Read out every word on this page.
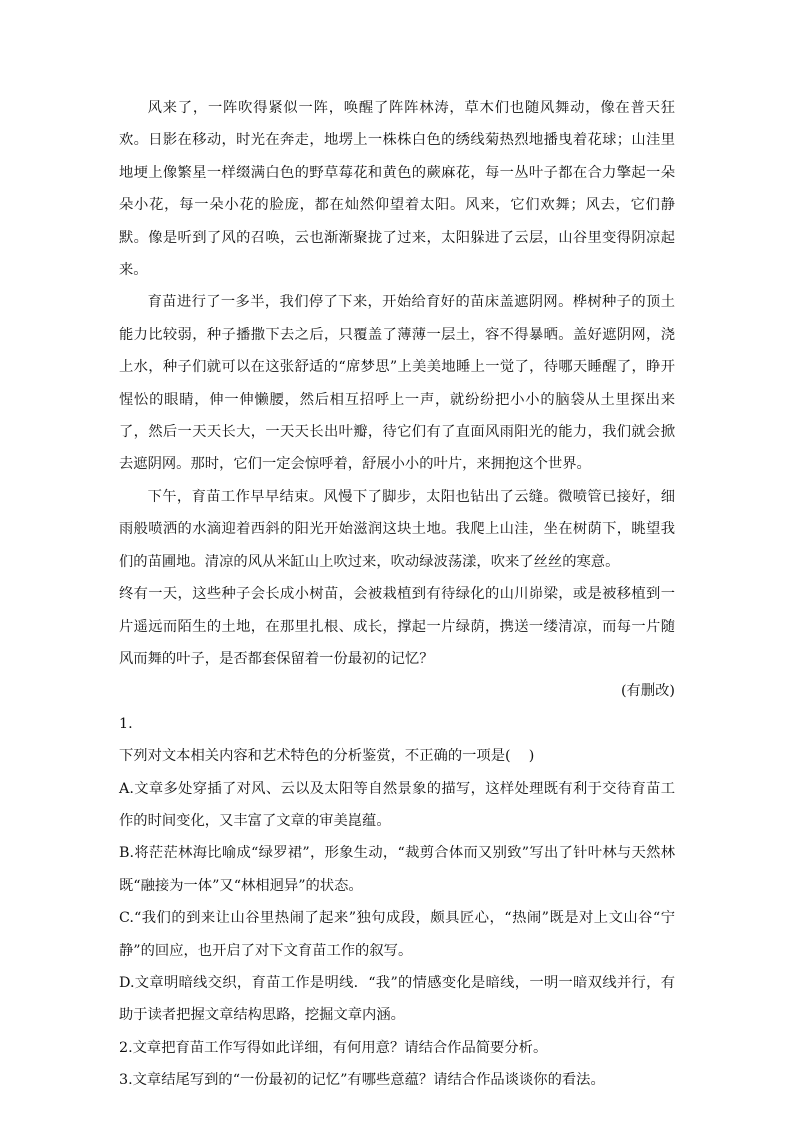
风来了，一阵吹得紧似一阵，唤醒了阵阵林涛，草木们也随风舞动，像在普天狂欢。日影在移动，时光在奔走，地塄上一株株白色的绣线菊热烈地播曳着花球；山洼里地埂上像繁星一样缀满白色的野草莓花和黄色的蕨麻花，每一丛叶子都在合力擎起一朵朵小花，每一朵小花的脸庞，都在灿然仰望着太阳。风来，它们欢舞；风去，它们静默。像是听到了风的召唤，云也渐渐聚拢了过来，太阳躲进了云层，山谷里变得阴凉起来。

育苗进行了一多半，我们停了下来，开始给育好的苗床盖遮阴网。桦树种子的顶土能力比较弱，种子播撒下去之后，只覆盖了薄薄一层土，容不得暴晒。盖好遮阴网，浇上水，种子们就可以在这张舒适的“席梦思”上美美地睡上一觉了，待哪天睡醒了，睁开惺忪的眼睛，伸一伸懒腰，然后相互招呼上一声，就纷纷把小小的脑袋从土里探出来了，然后一天天长大，一天天长出叶瓣，待它们有了直面风雨阳光的能力，我们就会掀去遮阴网。那时，它们一定会惊呼着，舒展小小的叶片，来拥抱这个世界。

下午，育苗工作早早结束。风慢下了脚步，太阳也钻出了云缝。微喷管已接好，细雨般喷洒的水滴迎着西斜的阳光开始滋润这块土地。我爬上山洼，坐在树荫下，眺望我们的苗圃地。清凉的风从米缸山上吹过来，吹动绿波荡漾，吹来了丝丝的寒意。

终有一天，这些种子会长成小树苗，会被栽植到有待绿化的山川峁梁，或是被移植到一片遥远而陌生的土地，在那里扎根、成长，撑起一片绿荫，携送一缕清凉，而每一片随风而舞的叶子，是否都套保留着一份最初的记忆？

(有删改)

1.

下列对文本相关内容和艺术特色的分析鉴赏，不正确的一项是(    )

A.文章多处穿插了对风、云以及太阳等自然景象的描写，这样处理既有利于交待育苗工作的时间变化，又丰富了文章的审美崑蕴。

B.将茫茫林海比喻成“绿罗裙”，形象生动，“裁剪合体而又别致”写出了针叶林与天然林既“融接为一体”又“林相迥异”的状态。

C.“我们的到来让山谷里热闹了起来”独句成段，颇具匠心，“热闹”既是对上文山谷“宁静”的回应，也开启了对下文育苗工作的叙写。

D.文章明暗线交织，育苗工作是明线．“我”的情感变化是暗线，一明一暗双线并行，有助于读者把握文章结构思路，挖掘文章内涵。

2.文章把育苗工作写得如此详细，有何用意？请结合作品简要分析。

3.文章结尾写到的“一份最初的记忆”有哪些意蕴？请结合作品谈谈你的看法。
